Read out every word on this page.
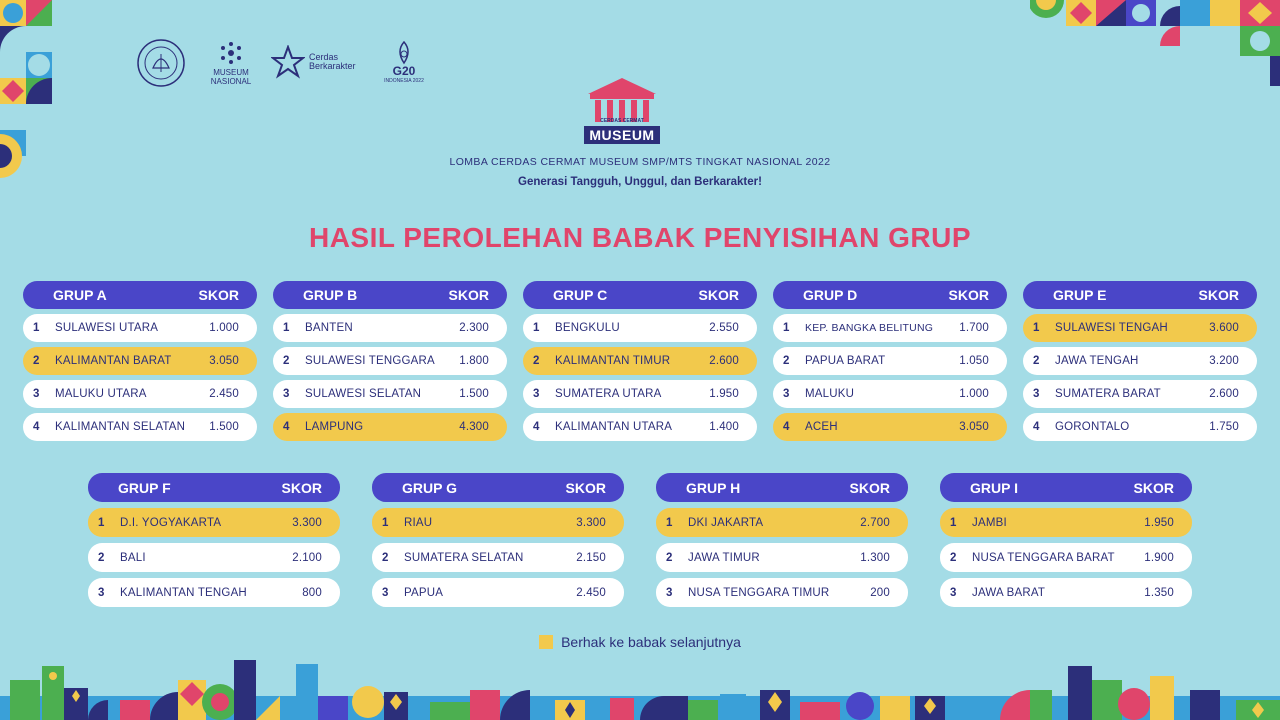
MUSEUM NASIONAL
Cerdas Berkarakter	G20
INDONESIA 2022
CERDAS CERMAT
MUSEUM
LOMBA CERDAS CERMAT MUSEUM SMP/MTS TINGKAT NASIONAL 2022
Generasi Tangguh, Unggul, dan Berkarakter!
HASIL PEROLEHAN BABAK PENYISIHAN GRUP
GRUP A	SKOR
1	SULAWESI UTARA	1.000
2	KALIMANTAN BARAT	3.050
3	MALUKU UTARA	2.450
4	KALIMANTAN SELATAN	1.500
GRUP B	SKOR
1	BANTEN	2.300
2	SULAWESI TENGGARA	1.800
3	SULAWESI SELATAN	1.500
4	LAMPUNG	4.300
GRUP C	SKOR
1	BENGKULU	2.550
2	KALIMANTAN TIMUR	2.600
3	SUMATERA UTARA	1.950
4	KALIMANTAN UTARA	1.400
GRUP D	SKOR
1	KEP. BANGKA BELITUNG	1.700
2	PAPUA BARAT	1.050
3	MALUKU	1.000
4	ACEH	3.050
GRUP E	SKOR
1	SULAWESI TENGAH	3.600
2	JAWA TENGAH	3.200
3	SUMATERA BARAT	2.600
4	GORONTALO	1.750
GRUP F	SKOR
1	D.I. YOGYAKARTA	3.300
2	BALI	2.100
3	KALIMANTAN TENGAH	800
GRUP G	SKOR
1	RIAU	3.300
2	SUMATERA SELATAN	2.150
3	PAPUA	2.450
GRUP H	SKOR
1	DKI JAKARTA	2.700
2	JAWA TIMUR	1.300
3	NUSA TENGGARA TIMUR	200
GRUP I	SKOR
1	JAMBI	1.950
2	NUSA TENGGARA BARAT	1.900
3	JAWA BARAT	1.350
Berhak ke babak selanjutnya
